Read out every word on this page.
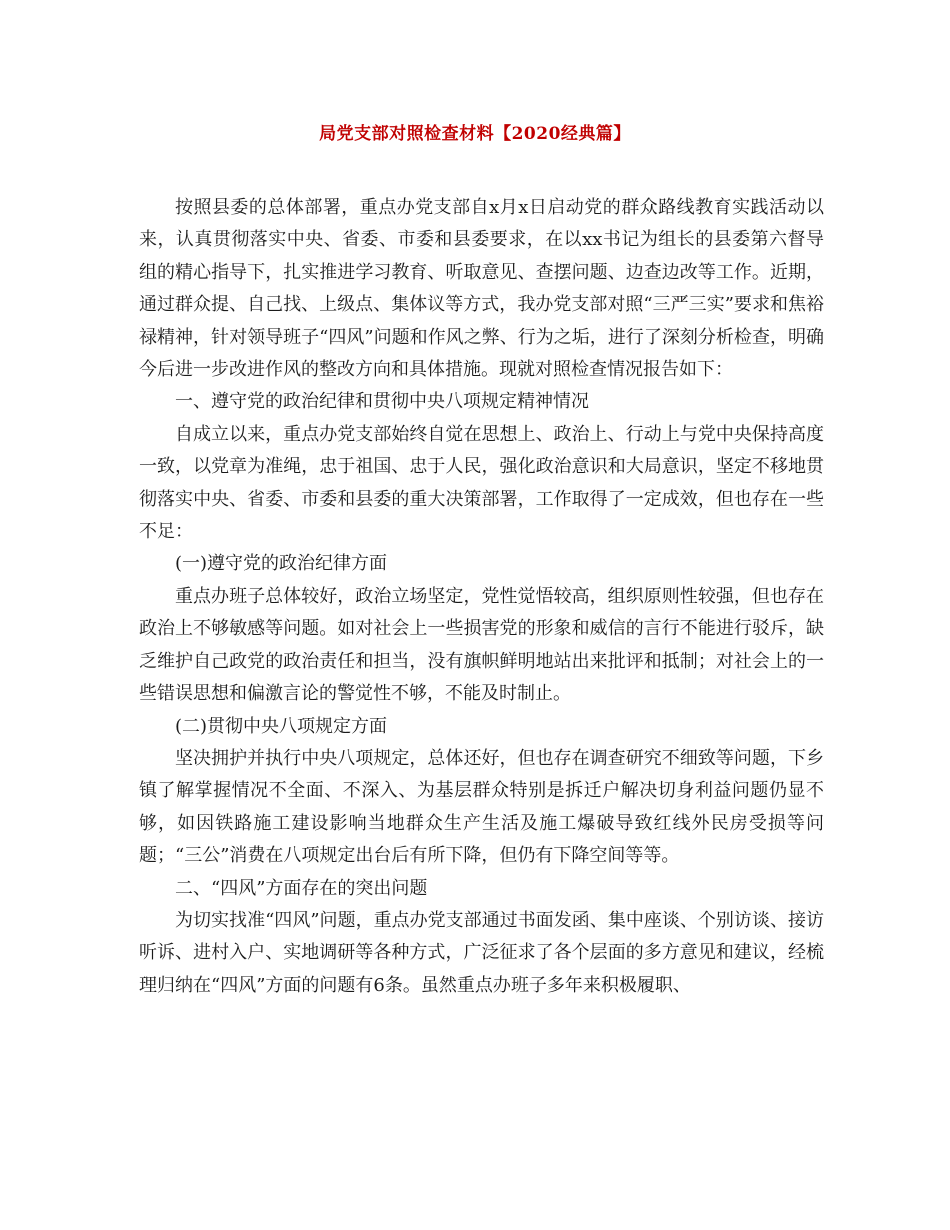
局党支部对照检查材料【2020经典篇】

按照县委的总体部署，重点办党支部自x月x日启动党的群众路线教育实践活动以来，认真贯彻落实中央、省委、市委和县委要求，在以xx书记为组长的县委第六督导组的精心指导下，扎实推进学习教育、听取意见、查摆问题、边查边改等工作。近期，通过群众提、自己找、上级点、集体议等方式，我办党支部对照“三严三实”要求和焦裕禄精神，针对领导班子“四风”问题和作风之弊、行为之垢，进行了深刻分析检查，明确今后进一步改进作风的整改方向和具体措施。现就对照检查情况报告如下：

一、遵守党的政治纪律和贯彻中央八项规定精神情况

自成立以来，重点办党支部始终自觉在思想上、政治上、行动上与党中央保持高度一致，以党章为准绳，忠于祖国、忠于人民，强化政治意识和大局意识，坚定不移地贯彻落实中央、省委、市委和县委的重大决策部署，工作取得了一定成效，但也存在一些不足：

(一)遵守党的政治纪律方面

重点办班子总体较好，政治立场坚定，党性觉悟较高，组织原则性较强，但也存在政治上不够敏感等问题。如对社会上一些损害党的形象和威信的言行不能进行驳斥，缺乏维护自己政党的政治责任和担当，没有旗帜鲜明地站出来批评和抵制；对社会上的一些错误思想和偏激言论的警觉性不够，不能及时制止。

(二)贯彻中央八项规定方面

坚决拥护并执行中央八项规定，总体还好，但也存在调查研究不细致等问题，下乡镇了解掌握情况不全面、不深入、为基层群众特别是拆迁户解决切身利益问题仍显不够，如因铁路施工建设影响当地群众生产生活及施工爆破导致红线外民房受损等问题；“三公”消费在八项规定出台后有所下降，但仍有下降空间等等。

二、“四风”方面存在的突出问题

为切实找准“四风”问题，重点办党支部通过书面发函、集中座谈、个别访谈、接访听诉、进村入户、实地调研等各种方式，广泛征求了各个层面的多方意见和建议，经梳理归纳在“四风”方面的问题有6条。虽然重点办班子多年来积极履职、
